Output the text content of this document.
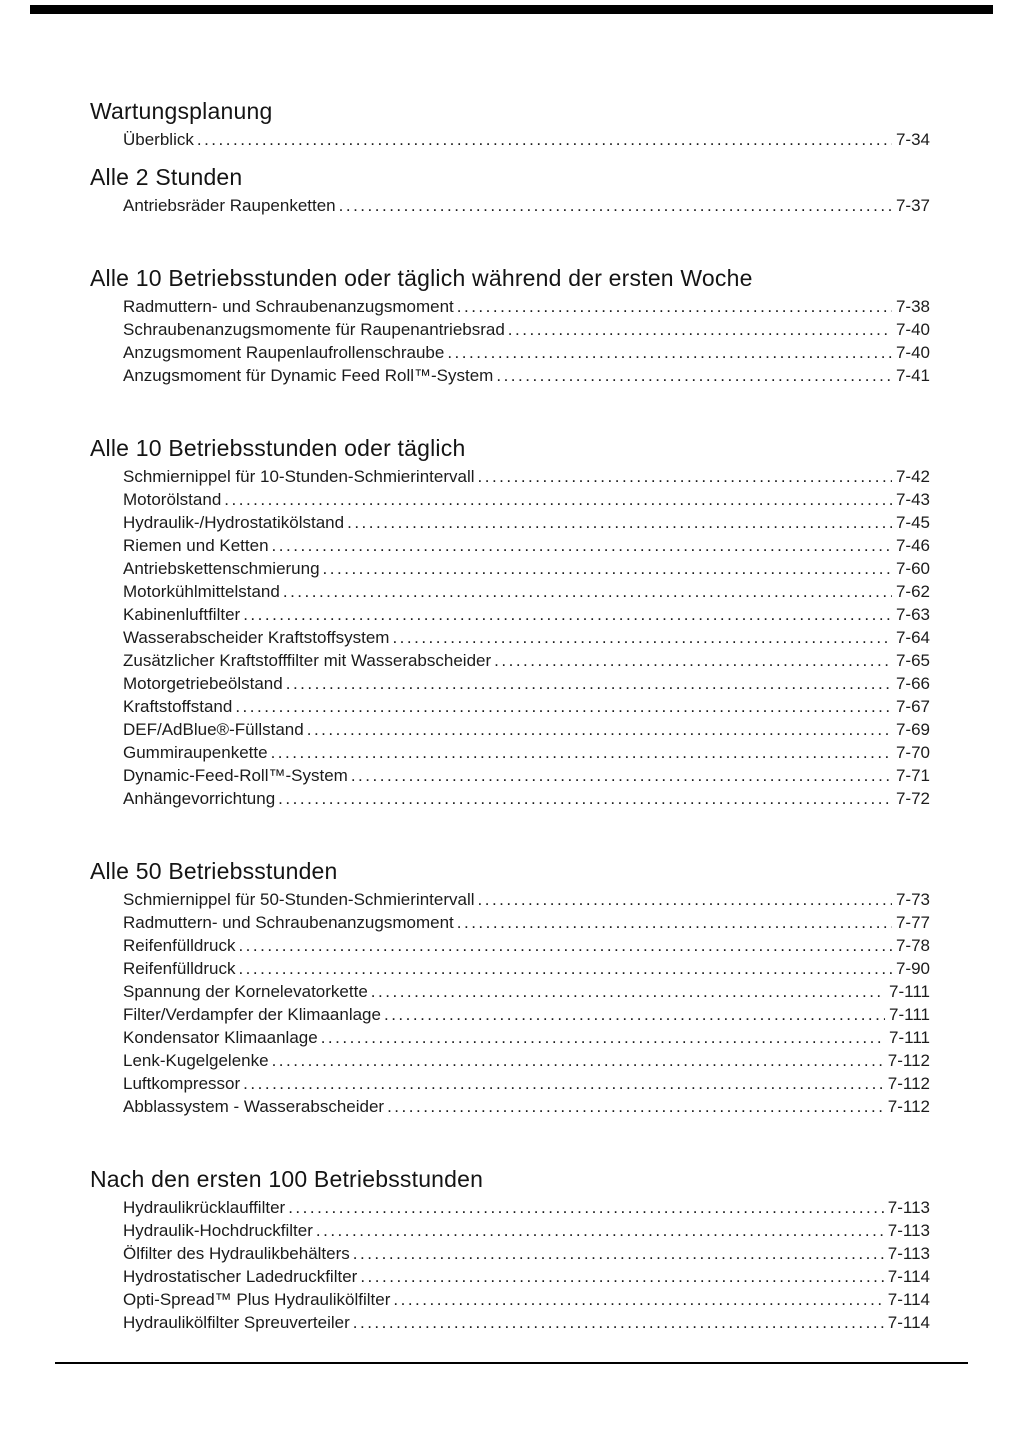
Wartungsplanung
Überblick .....	7-34
Alle 2 Stunden
Antriebsräder Raupenketten .....	7-37
Alle 10 Betriebsstunden oder täglich während der ersten Woche
Radmuttern- und Schraubenanzugsmoment .....	7-38
Schraubenanzugsmomente für Raupenantriebsrad .....	7-40
Anzugsmoment Raupenlaufrollenschraube .....	7-40
Anzugsmoment für Dynamic Feed Roll™-System .....	7-41
Alle 10 Betriebsstunden oder täglich
Schmiernippel für 10-Stunden-Schmierintervall .....	7-42
Motorölstand .....	7-43
Hydraulik-/Hydrostatikölstand .....	7-45
Riemen und Ketten .....	7-46
Antriebskettenschmierung .....	7-60
Motorkühlmittelstand .....	7-62
Kabinenluftfilter .....	7-63
Wasserabscheider Kraftstoffsystem .....	7-64
Zusätzlicher Kraftstofffilter mit Wasserabscheider .....	7-65
Motorgetriebeölstand .....	7-66
Kraftstoffstand .....	7-67
DEF/AdBlue®-Füllstand .....	7-69
Gummiraupenkette .....	7-70
Dynamic-Feed-Roll™-System .....	7-71
Anhängevorrichtung .....	7-72
Alle 50 Betriebsstunden
Schmiernippel für 50-Stunden-Schmierintervall .....	7-73
Radmuttern- und Schraubenanzugsmoment .....	7-77
Reifenfülldruck .....	7-78
Reifenfülldruck .....	7-90
Spannung der Kornelevatorkette .....	7-111
Filter/Verdampfer der Klimaanlage .....	7-111
Kondensator Klimaanlage .....	7-111
Lenk-Kugelgelenke .....	7-112
Luftkompressor .....	7-112
Abblassystem - Wasserabscheider .....	7-112
Nach den ersten 100 Betriebsstunden
Hydraulikrücklauffilter .....	7-113
Hydraulik-Hochdruckfilter .....	7-113
Ölfilter des Hydraulikbehälters .....	7-113
Hydrostatischer Ladedruckfilter .....	7-114
Opti-Spread™ Plus Hydraulikölfilter .....	7-114
Hydraulikölfilter Spreuverteiler .....	7-114
